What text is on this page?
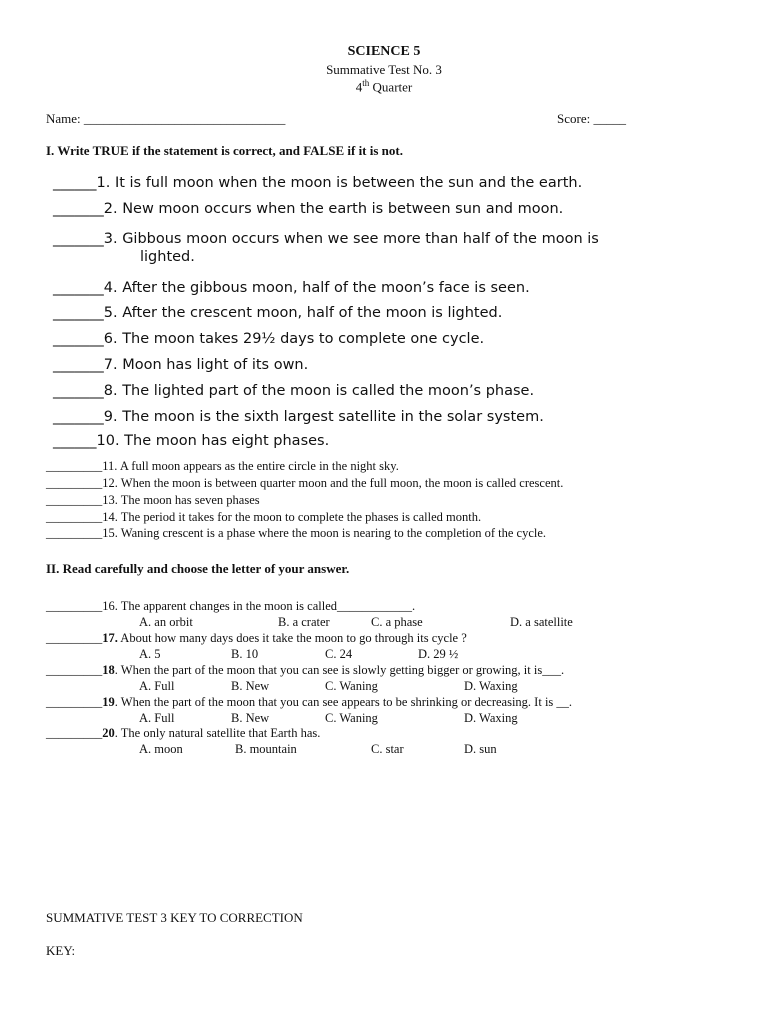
SCIENCE 5
Summative Test No. 3
4th Quarter
Name: _______________________________	Score: _____
I. Write TRUE if the statement is correct, and FALSE if it is not.
______1. It is full moon when the moon is between the sun and the earth.
_______2. New moon occurs when the earth is between sun and moon.
_______3. Gibbous moon occurs when we see more than half of the moon is
lighted.
_______4. After the gibbous moon, half of the moon’s face is seen.
_______5. After the crescent moon, half of the moon is lighted.
_______6. The moon takes 29½ days to complete one cycle.
_______7. Moon has light of its own.
_______8. The lighted part of the moon is called the moon’s phase.
_______9. The moon is the sixth largest satellite in the solar system.
______10. The moon has eight phases.
_________11. A full moon appears as the entire circle in the night sky.
_________12. When the moon is between quarter moon and the full moon, the moon is called crescent.
_________13. The moon has seven phases
_________14. The period it takes for the moon to complete the phases is called month.
_________15. Waning crescent is a phase where the moon is nearing to the completion of the cycle.
II. Read carefully and choose the letter of your answer.
_________16. The apparent changes in the moon is called____________.
A. an orbit	B. a crater	C. a phase	D. a satellite
_________17. About how many days does it take the moon to go through its cycle ?
A. 5	B. 10	C. 24	D. 29 ½
_________18. When the part of the moon that you can see is slowly getting bigger or growing, it is___.
A. Full	B. New	C. Waning	D. Waxing
_________19. When the part of the moon that you can see appears to be shrinking or decreasing. It is __.
A. Full	B. New	C. Waning	D. Waxing
_________20. The only natural satellite that Earth has.
A. moon	B. mountain	C. star	D. sun
SUMMATIVE TEST 3 KEY TO CORRECTION
KEY:
